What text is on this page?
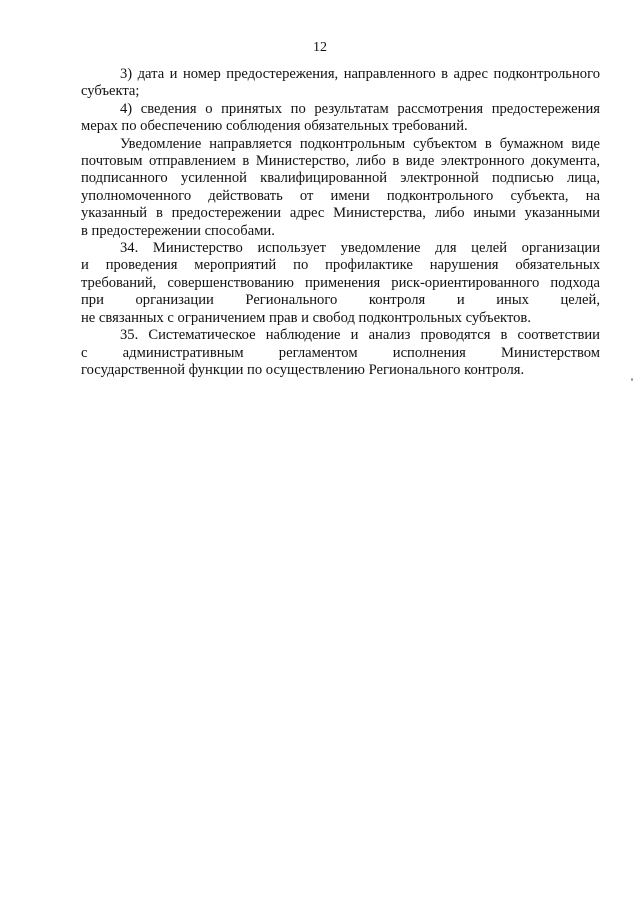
12
3) дата и номер предостережения, направленного в адрес подконтрольного
субъекта;
4) сведения о принятых по результатам рассмотрения предостережения
мерах по обеспечению соблюдения обязательных требований.
Уведомление направляется подконтрольным субъектом в бумажном виде
почтовым отправлением в Министерство, либо в виде электронного документа,
подписанного усиленной квалифицированной электронной подписью лица,
уполномоченного действовать от имени подконтрольного субъекта, на
указанный в предостережении адрес Министерства, либо иными указанными
в предостережении способами.
34. Министерство использует уведомление для целей организации
и проведения мероприятий по профилактике нарушения обязательных
требований, совершенствованию применения риск-ориентированного подхода
при организации Регионального контроля и иных целей,
не связанных с ограничением прав и свобод подконтрольных субъектов.
35. Систематическое наблюдение и анализ проводятся в соответствии
с административным регламентом исполнения Министерством
государственной функции по осуществлению Регионального контроля.
